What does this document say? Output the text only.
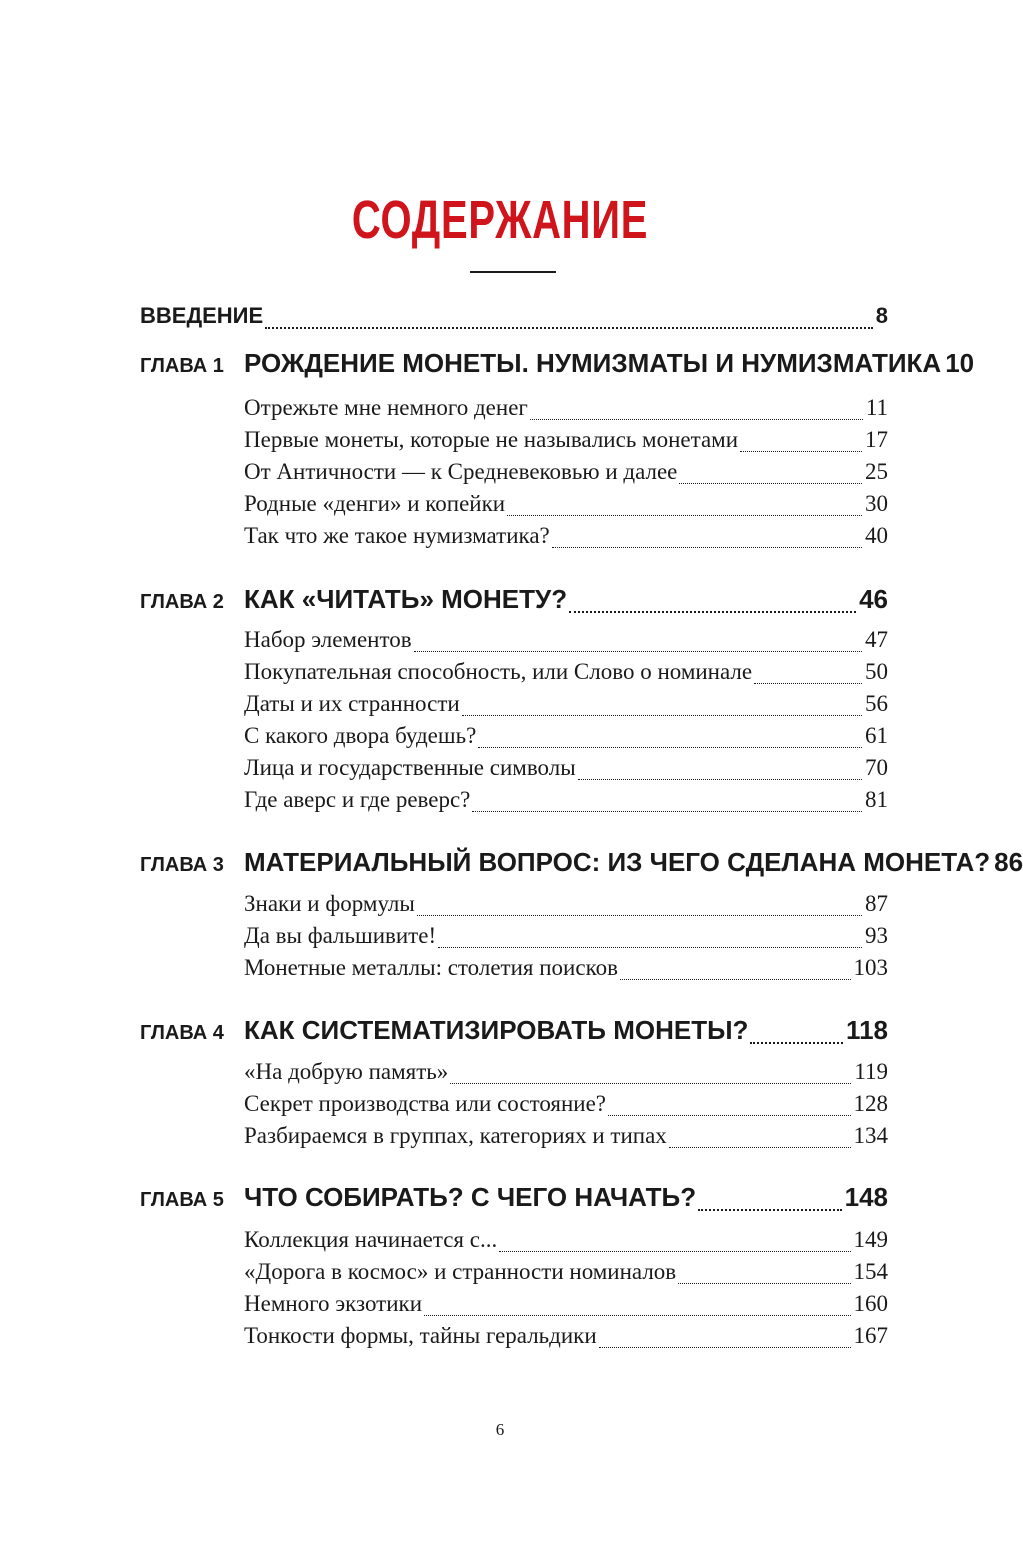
СОДЕРЖАНИЕ
ВВЕДЕНИЕ	8
ГЛАВА 1 РОЖДЕНИЕ МОНЕТЫ. НУМИЗМАТЫ И НУМИЗМАТИКА 10
Отрежьте мне немного денег	11
Первые монеты, которые не назывались монетами	17
От Античности — к Средневековью и далее	25
Родные «денги» и копейки	30
Так что же такое нумизматика?	40
ГЛАВА 2 КАК «ЧИТАТЬ» МОНЕТУ?	46
Набор элементов	47
Покупательная способность, или Слово о номинале	50
Даты и их странности	56
С какого двора будешь?	61
Лица и государственные символы	70
Где аверс и где реверс?	81
ГЛАВА 3 МАТЕРИАЛЬНЫЙ ВОПРОС: ИЗ ЧЕГО СДЕЛАНА МОНЕТА? 86
Знаки и формулы	87
Да вы фальшивите!	93
Монетные металлы: столетия поисков	103
ГЛАВА 4 КАК СИСТЕМАТИЗИРОВАТЬ МОНЕТЫ?	118
«На добрую память»	119
Секрет производства или состояние?	128
Разбираемся в группах, категориях и типах	134
ГЛАВА 5 ЧТО СОБИРАТЬ? С ЧЕГО НАЧАТЬ?	148
Коллекция начинается с...	149
«Дорога в космос» и странности номиналов	154
Немного экзотики	160
Тонкости формы, тайны геральдики	167
6
